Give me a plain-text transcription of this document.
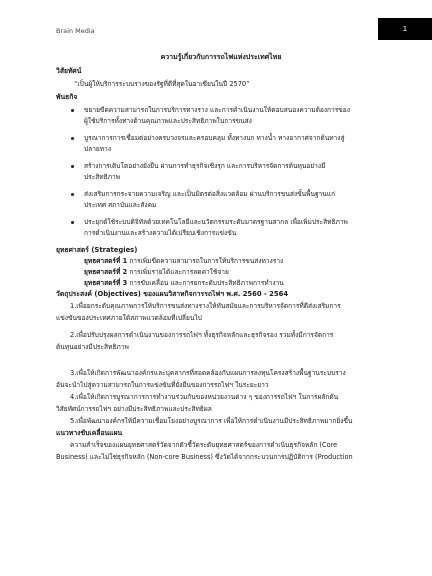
Brain Media	1
ความรู้เกี่ยวกับการรถไฟแห่งประเทศไทย
วิสัยทัศน์
“เป็นผู้ให้บริการระบบรางของรัฐที่ดีที่สุดในอาเซียนในปี 2570”
พันธกิจ
ขยายขีดความสามารถในการบริการทางราง และการดำเนินงานให้ตอบสนองความต้องการของ
ผู้ใช้บริการทั้งทางด้านคุณภาพและประสิทธิภาพในการขนส่ง
บูรณาการการเชื่อมต่อย่างครบวงจรและครอบคลุม ทั้งทางบก ทางน้ำ ทางอากาศจากต้นทางสู่
ปลายทาง
สร้างการเติบโตอย่างยั่งยืน ผ่านการทำธุรกิจเชิงรุก และการบริหารจัดการต้นทุนอย่างมี
ประสิทธิภาพ
ส่งเสริมการกระจายความเจริญ และเป็นมิตรต่อสิ่งแวดล้อม ผ่านบริการขนส่งขั้นพื้นฐานแก่
ประเทศ สถาบันและสังคม
ประยุกต์ใช้ระบบดิจิทัลด้วยเทคโนโลยีและนวัตกรรมระดับมาตรฐานสากล เพื่อเพิ่มประสิทธิภาพ
การดำเนินงานและสร้างความได้เปรียบเชิงการแข่งขัน
ยุทธศาสตร์ (Strategies)
ยุทธศาสตร์ที่ 1 การเพิ่มขีดความสามารถในการให้บริการขนส่งทางราง
ยุทธศาสตร์ที่ 2 การเพิ่มรายได้และการลดค่าใช้จ่าย
ยุทธศาสตร์ที่ 3 การขับเคลื่อน และการยกระดับประสิทธิภาพการทำงาน
วัตถุประสงค์ (Objectives) ของแผนวิสาหกิจการรถไฟฯ พ.ศ. 2560 - 2564
1.เพื่อยกระดับคุณภาพการให้บริการขนส่งทางรางให้ทันสมัยและการบริหารจัดการที่ดีส่งเสริมการ
แข่งขันของประเทศภายใต้สภาพแวดล้อมที่เปลี่ยนไป
2.เพื่อปรับปรุงผลการดำเนินงานของการรถไฟฯ ทั้งธุรกิจหลักและธุรกิจรอง รวมทั้งมีการจัดการ
ต้นทุนอย่างมีประสิทธิภาพ
3.เพื่อให้เกิดการพัฒนาองค์กรและบุคลากรที่สอดคล้องกับแผนการลงทุนโครงสร้างพื้นฐานระบบราง
อันจะนำไปสู่ความสามารถในการแข่งขันที่ยั่งยืนของการรถไฟฯ ในระยะยาว
4.เพื่อให้เกิดการบูรณาการการทำงานร่วมกันของหน่วยงานต่าง ๆ ของการรถไฟฯ ในการผลักดัน
วิสัยทัศน์การรถไฟฯ อย่างมีประสิทธิภาพและประสิทธิผล
5.เพื่อพัฒนาองค์กรให้มีความเชื่อมโยงอย่างบูรณาการ เพื่อให้การดำเนินงานมีประสิทธิภาพมากยิ่งขึ้น
แนวทางขับเคลื่อนแผน
ความสำเร็จของแผนยุทธศาสตร์วัดจากตัวชี้วัดระดับยุทธศาสตร์ของการดำเนินธุรกิจหลัก (Core
Business) และไม่ใช่ธุรกิจหลัก (Non-core Business) ซึ่งวัดได้จากกระบวนการปฏิบัติการ (Production
